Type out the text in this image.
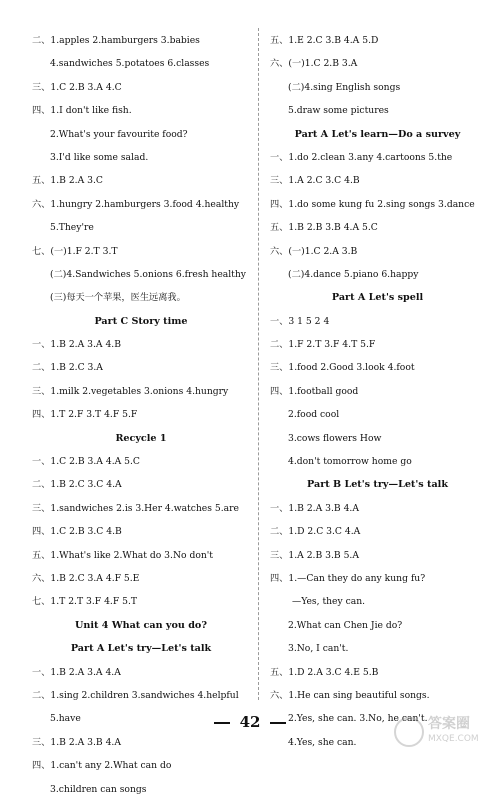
二、1.apples 2.hamburgers 3.babies
4.sandwiches 5.potatoes 6.classes
三、1.C 2.B 3.A 4.C
四、1.I don't like fish.
2.What's your favourite food?
3.I'd like some salad.
五、1.B 2.A 3.C
六、1.hungry 2.hamburgers 3.food 4.healthy
5.They're
七、(一)1.F 2.T 3.T
(二)4.Sandwiches 5.onions 6.fresh healthy
(三)每天一个苹果，医生远离我。
Part C Story time
一、1.B 2.A 3.A 4.B
二、1.B 2.C 3.A
三、1.milk 2.vegetables 3.onions 4.hungry
四、1.T 2.F 3.T 4.F 5.F
Recycle 1
一、1.C 2.B 3.A 4.A 5.C
二、1.B 2.C 3.C 4.A
三、1.sandwiches 2.is 3.Her 4.watches 5.are
四、1.C 2.B 3.C 4.B
五、1.What's like 2.What do 3.No don't
六、1.B 2.C 3.A 4.F 5.E
七、1.T 2.T 3.F 4.F 5.T
Unit 4 What can you do?
Part A Let's try—Let's talk
一、1.B 2.A 3.A 4.A
二、1.sing 2.children 3.sandwiches 4.helpful
5.have
三、1.B 2.A 3.B 4.A
四、1.can't any 2.What can do
3.children can songs
五、1.E 2.C 3.B 4.A 5.D
六、(一)1.C 2.B 3.A
(二)4.sing English songs
5.draw some pictures
Part A Let's learn—Do a survey
一、1.do 2.clean 3.any 4.cartoons 5.the
三、1.A 2.C 3.C 4.B
四、1.do some kung fu 2.sing songs 3.dance
五、1.B 2.B 3.B 4.A 5.C
六、(一)1.C 2.A 3.B
(二)4.dance 5.piano 6.happy
Part A Let's spell
一、3 1 5 2 4
二、1.F 2.T 3.F 4.T 5.F
三、1.food 2.Good 3.look 4.foot
四、1.football good
2.food cool
3.cows flowers How
4.don't tomorrow home go
Part B Let's try—Let's talk
一、1.B 2.A 3.B 4.A
二、1.D 2.C 3.C 4.A
三、1.A 2.B 3.B 5.A
四、1.—Can they do any kung fu?
—Yes, they can.
2.What can Chen Jie do?
3.No, I can't.
五、1.D 2.A 3.C 4.E 5.B
六、1.He can sing beautiful songs.
2.Yes, she can. 3.No, he can't.
4.Yes, she can.
42	答案圈
MXQE.COM
